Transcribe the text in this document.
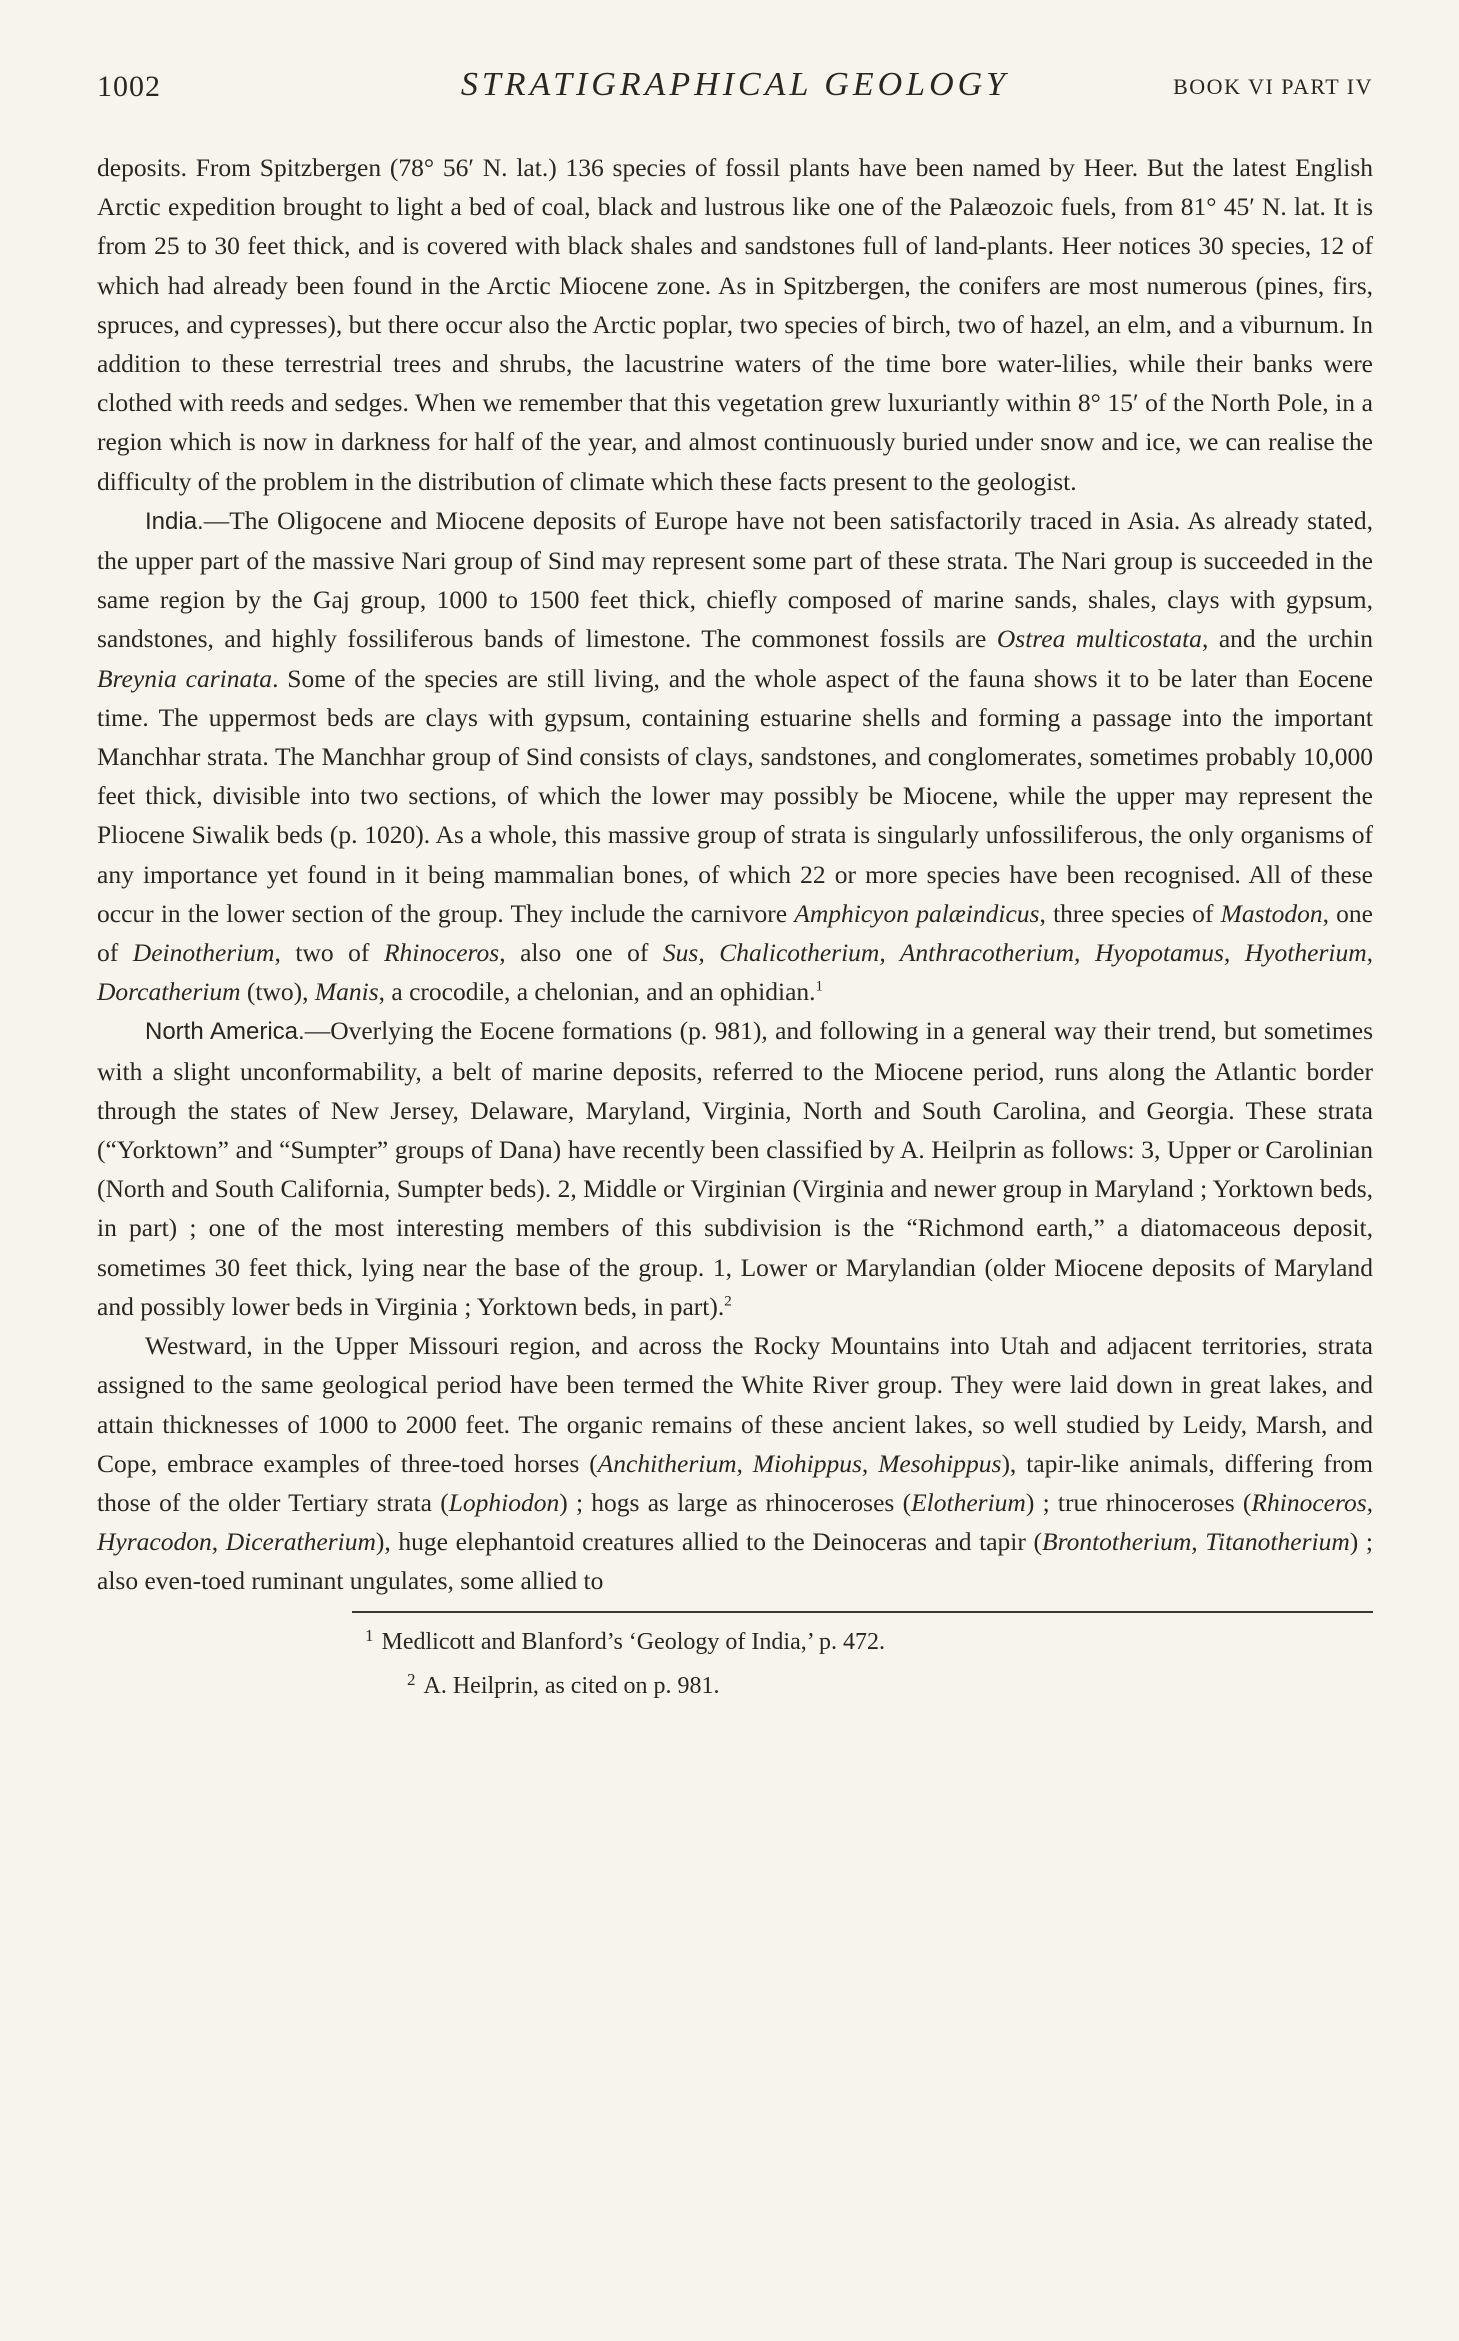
1002	STRATIGRAPHICAL GEOLOGY	BOOK VI PART IV

deposits. From Spitzbergen (78° 56′ N. lat.) 136 species of fossil plants have been named by Heer. But the latest English Arctic expedition brought to light a bed of coal, black and lustrous like one of the Palæozoic fuels, from 81° 45′ N. lat. It is from 25 to 30 feet thick, and is covered with black shales and sandstones full of land-plants. Heer notices 30 species, 12 of which had already been found in the Arctic Miocene zone. As in Spitzbergen, the conifers are most numerous (pines, firs, spruces, and cypresses), but there occur also the Arctic poplar, two species of birch, two of hazel, an elm, and a viburnum. In addition to these terrestrial trees and shrubs, the lacustrine waters of the time bore water-lilies, while their banks were clothed with reeds and sedges. When we remember that this vegetation grew luxuriantly within 8° 15′ of the North Pole, in a region which is now in darkness for half of the year, and almost continuously buried under snow and ice, we can realise the difficulty of the problem in the distribution of climate which these facts present to the geologist.

India.—The Oligocene and Miocene deposits of Europe have not been satisfactorily traced in Asia. As already stated, the upper part of the massive Nari group of Sind may represent some part of these strata. The Nari group is succeeded in the same region by the Gaj group, 1000 to 1500 feet thick, chiefly composed of marine sands, shales, clays with gypsum, sandstones, and highly fossiliferous bands of limestone. The commonest fossils are Ostrea multicostata, and the urchin Breynia carinata. Some of the species are still living, and the whole aspect of the fauna shows it to be later than Eocene time. The uppermost beds are clays with gypsum, containing estuarine shells and forming a passage into the important Manchhar strata. The Manchhar group of Sind consists of clays, sandstones, and conglomerates, sometimes probably 10,000 feet thick, divisible into two sections, of which the lower may possibly be Miocene, while the upper may represent the Pliocene Siwalik beds (p. 1020). As a whole, this massive group of strata is singularly unfossiliferous, the only organisms of any importance yet found in it being mammalian bones, of which 22 or more species have been recognised. All of these occur in the lower section of the group. They include the carnivore Amphicyon palæindicus, three species of Mastodon, one of Deinotherium, two of Rhinoceros, also one of Sus, Chalicotherium, Anthracotherium, Hyopotamus, Hyotherium, Dorcatherium (two), Manis, a crocodile, a chelonian, and an ophidian.$^1$

North America.—Overlying the Eocene formations (p. 981), and following in a general way their trend, but sometimes with a slight unconformability, a belt of marine deposits, referred to the Miocene period, runs along the Atlantic border through the states of New Jersey, Delaware, Maryland, Virginia, North and South Carolina, and Georgia. These strata (“Yorktown” and “Sumpter” groups of Dana) have recently been classified by A. Heilprin as follows: 3, Upper or Carolinian (North and South California, Sumpter beds). 2, Middle or Virginian (Virginia and newer group in Maryland ; Yorktown beds, in part) ; one of the most interesting members of this subdivision is the “Richmond earth,” a diatomaceous deposit, sometimes 30 feet thick, lying near the base of the group. 1, Lower or Marylandian (older Miocene deposits of Maryland and possibly lower beds in Virginia ; Yorktown beds, in part).$^2$

Westward, in the Upper Missouri region, and across the Rocky Mountains into Utah and adjacent territories, strata assigned to the same geological period have been termed the White River group. They were laid down in great lakes, and attain thicknesses of 1000 to 2000 feet. The organic remains of these ancient lakes, so well studied by Leidy, Marsh, and Cope, embrace examples of three-toed horses (Anchitherium, Miohippus, Mesohippus), tapir-like animals, differing from those of the older Tertiary strata (Lophiodon) ; hogs as large as rhinoceroses (Elotherium) ; true rhinoceroses (Rhinoceros, Hyracodon, Diceratherium), huge elephantoid creatures allied to the Deinoceras and tapir (Brontotherium, Titanotherium) ; also even-toed ruminant ungulates, some allied to

$^1$ Medlicott and Blanford’s ‘Geology of India,’ p. 472.

$^2$ A. Heilprin, as cited on p. 981.
